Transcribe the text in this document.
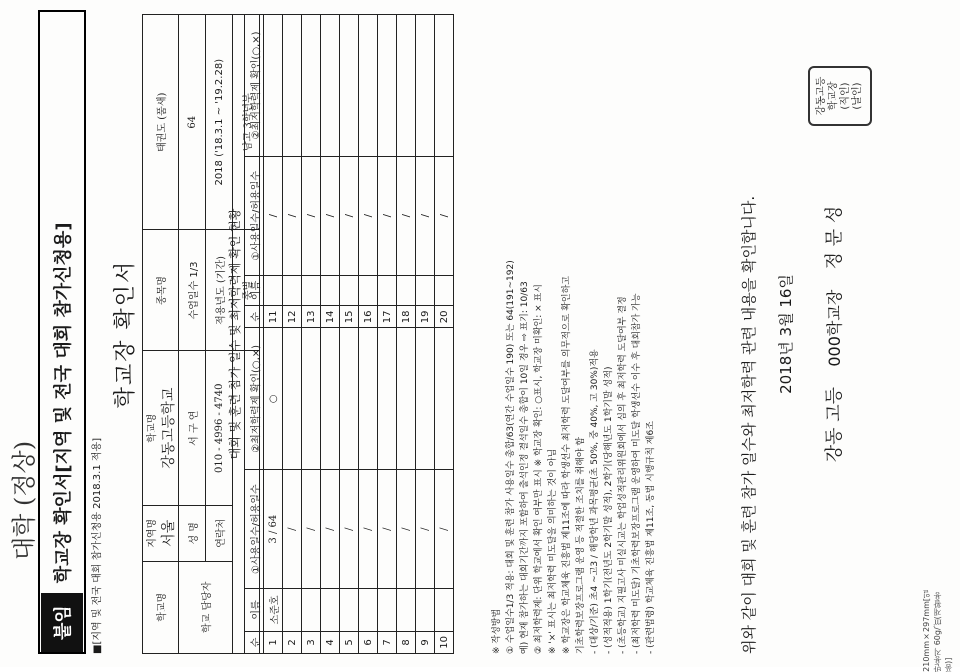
대학 (정상)
210mm×297mm[일반용지 60g/㎡(재활용품)]
붙임
학교장 확인서[지역 및 전국 대회 참가신청용]	■[지역 및 전국 대회 참가신청용 2018.3.1 적용]
학교장 확인서
학교명	지역명 서울	학교명 강동고등학교	종목명	태권도 (품새)
학교 담당자	성 명	서 구 연	수업일수 1/3	64
	연락처	010 - 4996 - 4740	적용년도 (기간)	2018 ('18.3.1 ~ '19.2.28)
			종별	남고 3학년부
대회 및 훈련 참가 일수 및 최저학력제 확인 현황
순	이름	①사용일수/허용일수	②최저학력제 확인(○,×)	순	이름	①사용일수/허용일수	②최저학력제 확인(○,×)
1	소준호	3 / 64	○	11		/	
2		/		12		/	
3		/		13		/	
4		/		14		/	
5		/		15		/	
6		/		16		/	
7		/		17		/	
8		/		18		/	
9		/		19		/	
10		/		20		/	
※ 작성방법 ① 수업일수1/3 적용: 대회 및 훈련 참가 사용일수 총합/63(연간 수업일수 190) 또는 64(191~192) 예) 현재 참가하는 대회기간까지 포함하여 출석인정 결석일수 총합이 10일 경우 ⇨ 표기: 10/63 ② 최저학력제: 단위 학교에서 확인 여부만 표시 ※ 학교장 확인: ○표시, 학교장 미확인: × 표시 ※ '×' 표시는 최저학력 미도달을 의미하는 것이 아님 ※ 학교장은 학교체육 진흥법 제11조에 따라 학생선수 최저학력 도달여부를 의무적으로 확인하고 기초학력보장프로그램 운영 등 적절한 조치를 취해야 함 - (대상/기준) 초4 ~고3 / 해당학년 과목평균(초 50%, 중 40%, 고 30%)적용 - (성적적용) 1학기(전년도 2학기말 성적), 2학기(당해년도 1학기말 성적) - (초등학교) 지필고사 미실시교는 학업성적관리위원회에서 심의 후 최저학력 도달여부 결정 - (최저학력 미도달) 기초학력보장프로그램 운영하여 미도달 학생선수 이수 후 대회참가 가능 - (관련법령) 학교체육 진흥법 제11조, 동법 시행규칙 제6조	위와 같이 대회 및 훈련 참가 일수와 최저학력 관련 내용을 확인합니다. 2018년 3월 16일
강동 고등    000학교장    정 문 성
강동고등 학교장 (직인) (날인)
